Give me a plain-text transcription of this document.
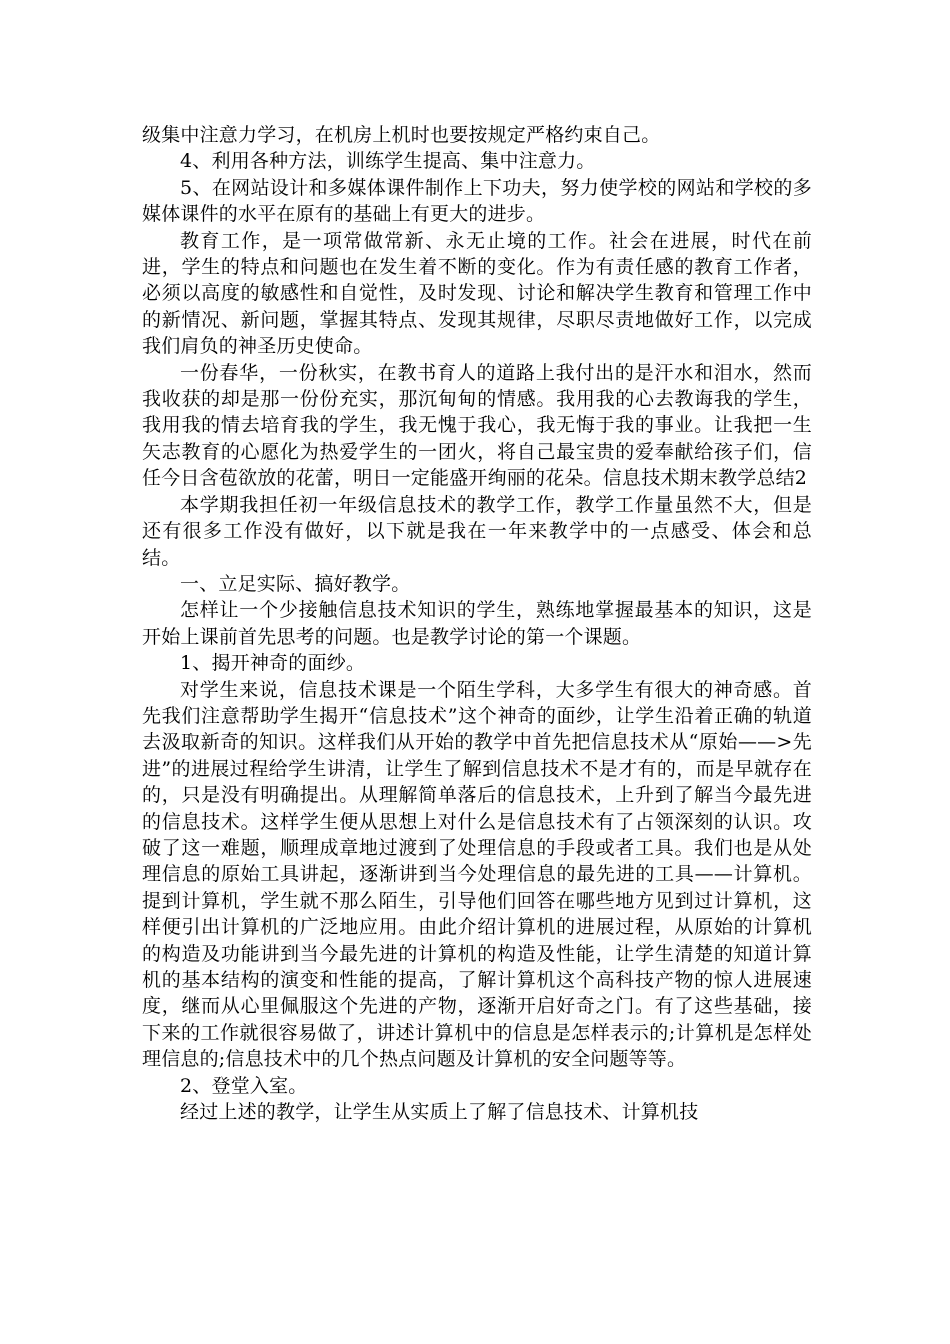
级集中注意力学习，在机房上机时也要按规定严格约束自己。

4、利用各种方法，训练学生提高、集中注意力。

5、在网站设计和多媒体课件制作上下功夫，努力使学校的网站和学校的多媒体课件的水平在原有的基础上有更大的进步。

教育工作，是一项常做常新、永无止境的工作。社会在进展，时代在前进，学生的特点和问题也在发生着不断的变化。作为有责任感的教育工作者，必须以高度的敏感性和自觉性，及时发现、讨论和解决学生教育和管理工作中的新情况、新问题，掌握其特点、发现其规律，尽职尽责地做好工作，以完成我们肩负的神圣历史使命。

一份春华，一份秋实，在教书育人的道路上我付出的是汗水和泪水，然而我收获的却是那一份份充实，那沉甸甸的情感。我用我的心去教诲我的学生，我用我的情去培育我的学生，我无愧于我心，我无悔于我的事业。让我把一生矢志教育的心愿化为热爱学生的一团火，将自己最宝贵的爱奉献给孩子们，信任今日含苞欲放的花蕾，明日一定能盛开绚丽的花朵。信息技术期末教学总结2

本学期我担任初一年级信息技术的教学工作，教学工作量虽然不大，但是还有很多工作没有做好，以下就是我在一年来教学中的一点感受、体会和总结。

一、立足实际、搞好教学。

怎样让一个少接触信息技术知识的学生，熟练地掌握最基本的知识，这是开始上课前首先思考的问题。也是教学讨论的第一个课题。

1、揭开神奇的面纱。

对学生来说，信息技术课是一个陌生学科，大多学生有很大的神奇感。首先我们注意帮助学生揭开“信息技术”这个神奇的面纱，让学生沿着正确的轨道去汲取新奇的知识。这样我们从开始的教学中首先把信息技术从“原始——>先进”的进展过程给学生讲清，让学生了解到信息技术不是才有的，而是早就存在的，只是没有明确提出。从理解简单落后的信息技术，上升到了解当今最先进的信息技术。这样学生便从思想上对什么是信息技术有了占领深刻的认识。攻破了这一难题，顺理成章地过渡到了处理信息的手段或者工具。我们也是从处理信息的原始工具讲起，逐渐讲到当今处理信息的最先进的工具——计算机。提到计算机，学生就不那么陌生，引导他们回答在哪些地方见到过计算机，这样便引出计算机的广泛地应用。由此介绍计算机的进展过程，从原始的计算机的构造及功能讲到当今最先进的计算机的构造及性能，让学生清楚的知道计算机的基本结构的演变和性能的提高，了解计算机这个高科技产物的惊人进展速度，继而从心里佩服这个先进的产物，逐渐开启好奇之门。有了这些基础，接下来的工作就很容易做了，讲述计算机中的信息是怎样表示的;计算机是怎样处理信息的;信息技术中的几个热点问题及计算机的安全问题等等。

2、登堂入室。

经过上述的教学，让学生从实质上了解了信息技术、计算机技
